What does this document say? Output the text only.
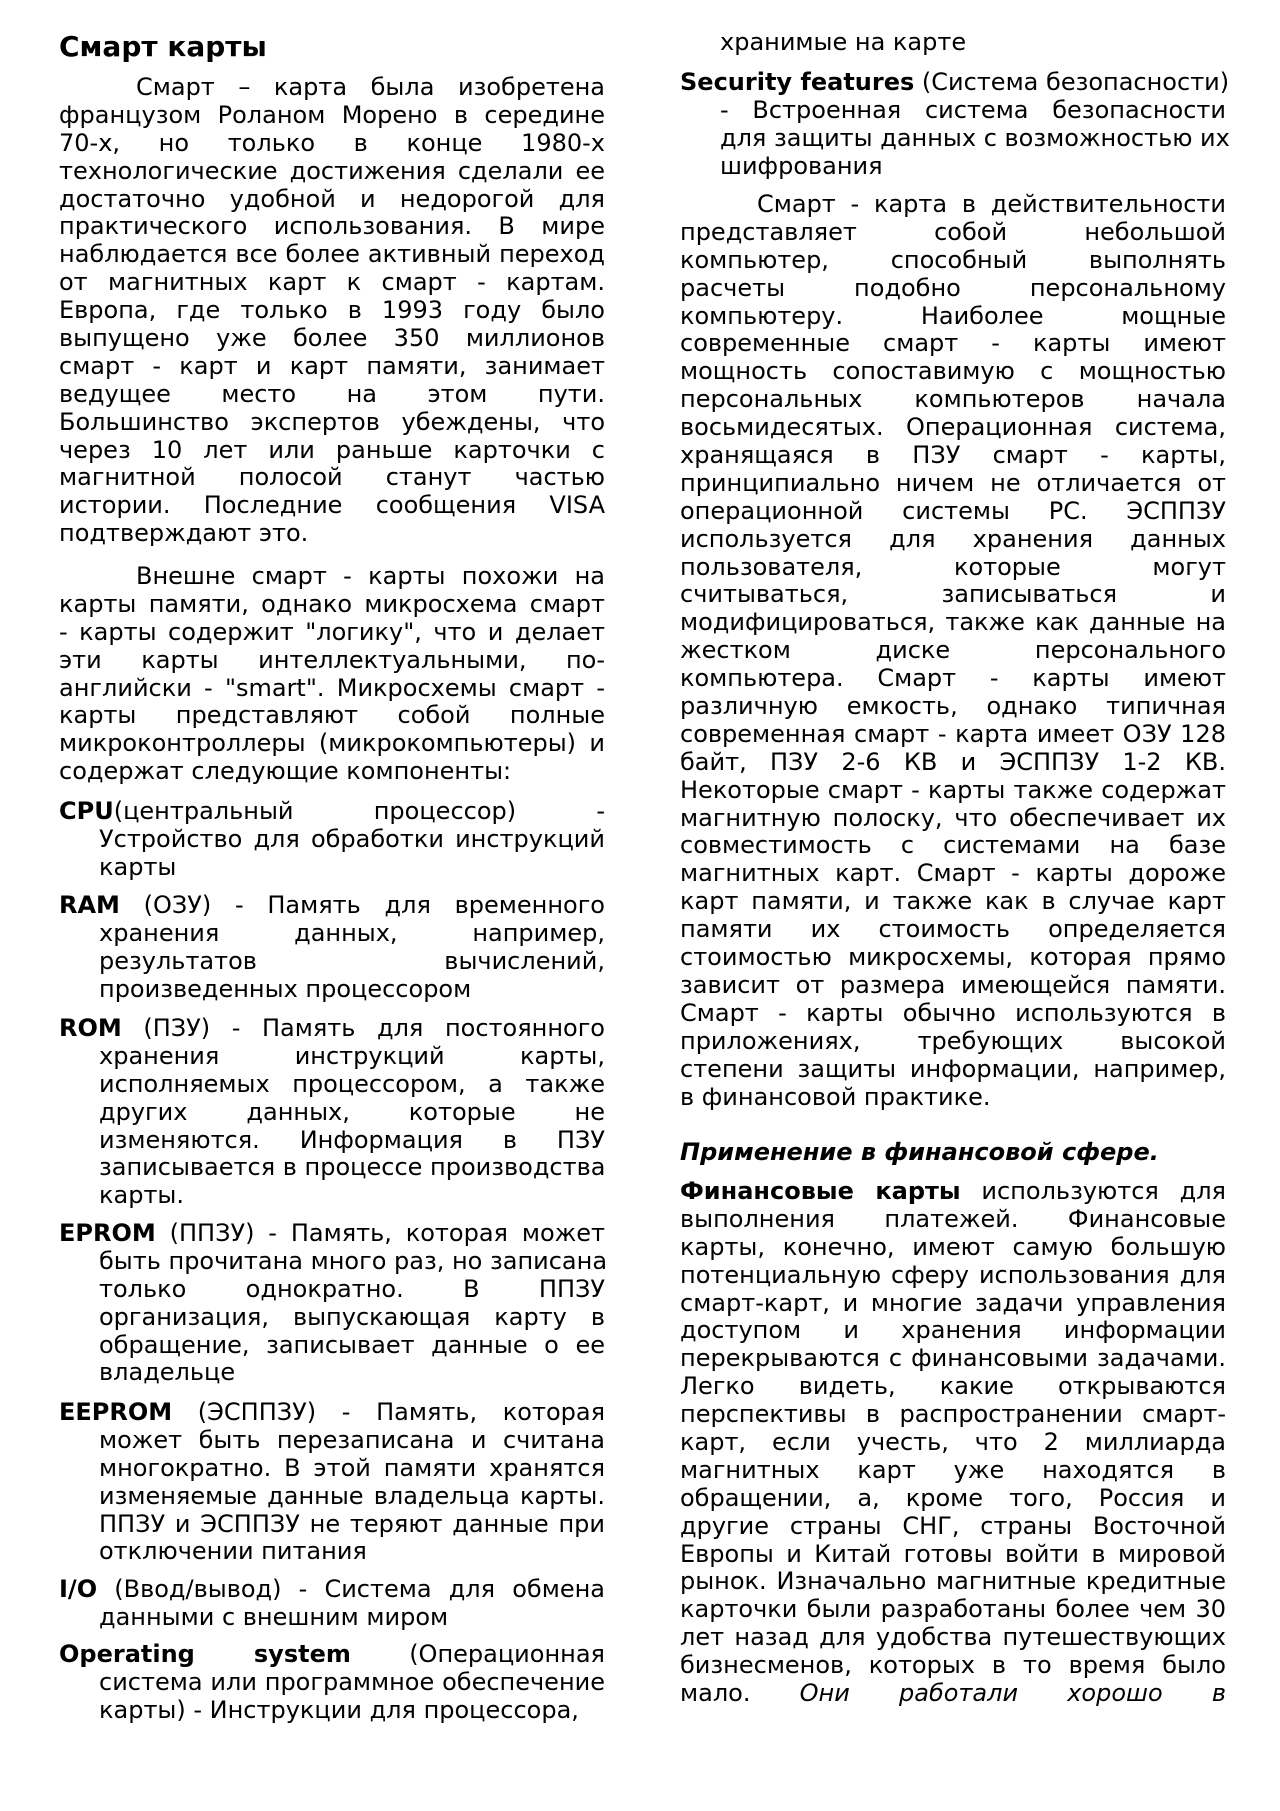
Смарт карты
Смарт – карта была изобретена
французом Роланом Морено в середине
70-х, но только в конце 1980-х
технологические достижения сделали ее
достаточно удобной и недорогой для
практического использования. В мире
наблюдается все более активный переход
от магнитных карт к смарт - картам.
Европа, где только в 1993 году было
выпущено уже более 350 миллионов
смарт - карт и карт памяти, занимает
ведущее место на этом пути.
Большинство экспертов убеждены, что
через 10 лет или раньше карточки с
магнитной полосой станут частью
истории. Последние сообщения VISA
подтверждают это.
Внешне смарт - карты похожи на
карты памяти, однако микросхема смарт
- карты содержит "логику", что и делает
эти карты интеллектуальными, по-
английски - "smart". Микросхемы смарт -
карты представляют собой полные
микроконтроллеры (микрокомпьютеры) и
содержат следующие компоненты:
CPU(центральный процессор) -
Устройство для обработки инструкций
карты
RAM (ОЗУ) - Память для временного
хранения данных, например,
результатов вычислений,
произведенных процессором
ROM (ПЗУ) - Память для постоянного
хранения инструкций карты,
исполняемых процессором, а также
других данных, которые не
изменяются. Информация в ПЗУ
записывается в процессе производства
карты.
EPROM (ППЗУ) - Память, которая может
быть прочитана много раз, но записана
только однократно. В ППЗУ
организация, выпускающая карту в
обращение, записывает данные о ее
владельце
EEPROM (ЭСППЗУ) - Память, которая
может быть перезаписана и считана
многократно. В этой памяти хранятся
изменяемые данные владельца карты.
ППЗУ и ЭСППЗУ не теряют данные при
отключении питания
I/O (Ввод/вывод) - Система для обмена
данными с внешним миром
Operating system (Операционная
система или программное обеспечение
карты) - Инструкции для процессора,
хранимые на карте
Security features (Система безопасности)
- Встроенная система безопасности
для защиты данных с возможностью их
шифрования
Смарт - карта в действительности
представляет собой небольшой
компьютер, способный выполнять
расчеты подобно персональному
компьютеру. Наиболее мощные
современные смарт - карты имеют
мощность сопоставимую с мощностью
персональных компьютеров начала
восьмидесятых. Операционная система,
хранящаяся в ПЗУ смарт - карты,
принципиально ничем не отличается от
операционной системы PC. ЭСППЗУ
используется для хранения данных
пользователя, которые могут
считываться, записываться и
модифицироваться, также как данные на
жестком диске персонального
компьютера. Смарт - карты имеют
различную емкость, однако типичная
современная смарт - карта имеет ОЗУ 128
байт, ПЗУ 2-6 КВ и ЭСППЗУ 1-2 КВ.
Некоторые смарт - карты также содержат
магнитную полоску, что обеспечивает их
совместимость с системами на базе
магнитных карт. Смарт - карты дороже
карт памяти, и также как в случае карт
памяти их стоимость определяется
стоимостью микросхемы, которая прямо
зависит от размера имеющейся памяти.
Смарт - карты обычно используются в
приложениях, требующих высокой
степени защиты информации, например,
в финансовой практике.
Применение в финансовой сфере.
Финансовые карты используются для
выполнения платежей. Финансовые
карты, конечно, имеют самую большую
потенциальную сферу использования для
смарт-карт, и многие задачи управления
доступом и хранения информации
перекрываются с финансовыми задачами.
Легко видеть, какие открываются
перспективы в распространении смарт-
карт, если учесть, что 2 миллиарда
магнитных карт уже находятся в
обращении, а, кроме того, Россия и
другие страны СНГ, страны Восточной
Европы и Китай готовы войти в мировой
рынок. Изначально магнитные кредитные
карточки были разработаны более чем 30
лет назад для удобства путешествующих
бизнесменов, которых в то время было
мало. Они работали хорошо в
